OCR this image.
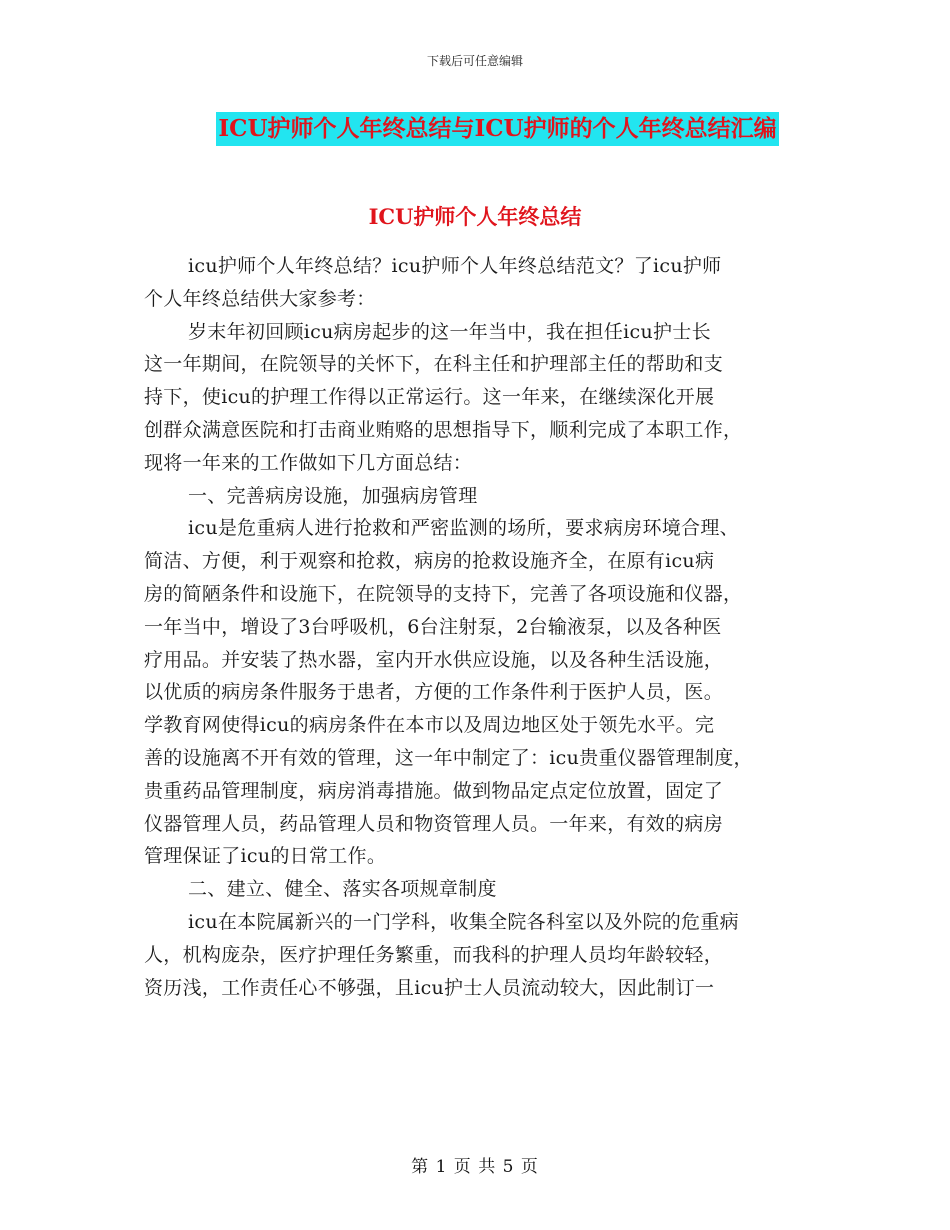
下载后可任意编辑
ICU护师个人年终总结与ICU护师的个人年终总结汇编
ICU护师个人年终总结
icu护师个人年终总结？icu护师个人年终总结范文？了icu护师
个人年终总结供大家参考：
岁末年初回顾icu病房起步的这一年当中，我在担任icu护士长
这一年期间，在院领导的关怀下，在科主任和护理部主任的帮助和支
持下，使icu的护理工作得以正常运行。这一年来，在继续深化开展
创群众满意医院和打击商业贿赂的思想指导下，顺利完成了本职工作，
现将一年来的工作做如下几方面总结：
一、完善病房设施，加强病房管理
icu是危重病人进行抢救和严密监测的场所，要求病房环境合理、
简洁、方便，利于观察和抢救，病房的抢救设施齐全，在原有icu病
房的简陋条件和设施下，在院领导的支持下，完善了各项设施和仪器，
一年当中，增设了3台呼吸机，6台注射泵，2台输液泵，以及各种医
疗用品。并安装了热水器，室内开水供应设施，以及各种生活设施，
以优质的病房条件服务于患者，方便的工作条件利于医护人员，医。
学教育网使得icu的病房条件在本市以及周边地区处于领先水平。完
善的设施离不开有效的管理，这一年中制定了：icu贵重仪器管理制度，
贵重药品管理制度，病房消毒措施。做到物品定点定位放置，固定了
仪器管理人员，药品管理人员和物资管理人员。一年来，有效的病房
管理保证了icu的日常工作。
二、建立、健全、落实各项规章制度
icu在本院属新兴的一门学科，收集全院各科室以及外院的危重病
人，机构庞杂，医疗护理任务繁重，而我科的护理人员均年龄较轻，
资历浅，工作责任心不够强，且icu护士人员流动较大，因此制订一
第 1 页 共 5 页
